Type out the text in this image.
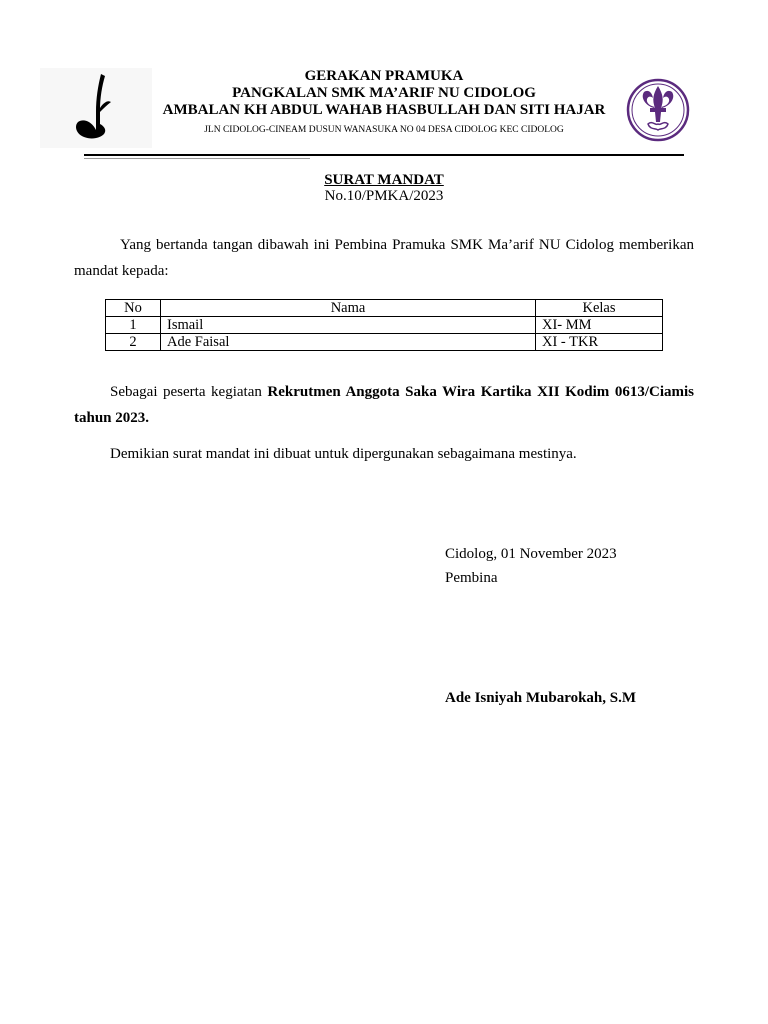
GERAKAN PRAMUKA
PANGKALAN SMK MA’ARIF NU CIDOLOG
AMBALAN KH ABDUL WAHAB HASBULLAH DAN SITI HAJAR
JLN CIDOLOG-CINEAM DUSUN WANASUKA NO 04 DESA CIDOLOG KEC CIDOLOG
SURAT MANDAT
No.10/PMKA/2023
Yang bertanda tangan dibawah ini Pembina Pramuka SMK Ma’arif NU Cidolog memberikan mandat kepada:
No	Nama	Kelas
1	Ismail	XI- MM
2	Ade Faisal	XI - TKR
Sebagai peserta kegiatan Rekrutmen Anggota Saka Wira Kartika XII Kodim 0613/Ciamis tahun 2023.
Demikian surat mandat ini dibuat untuk dipergunakan sebagaimana mestinya.
Cidolog, 01 November 2023
Pembina
Ade Isniyah Mubarokah, S.M
